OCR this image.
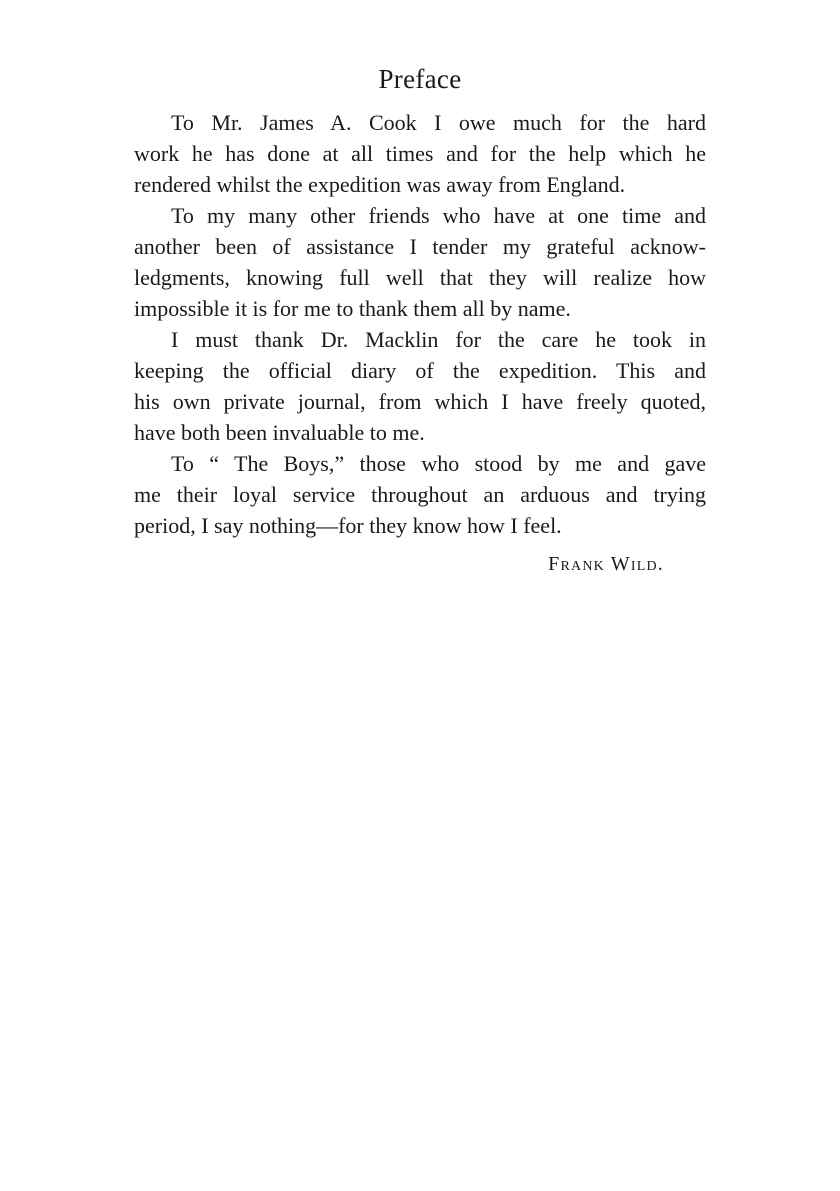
Preface

To Mr. James A. Cook I owe much for the hard
work he has done at all times and for the help which he
rendered whilst the expedition was away from England.

To my many other friends who have at one time and
another been of assistance I tender my grateful acknow-
ledgments, knowing full well that they will realize how
impossible it is for me to thank them all by name.

I must thank Dr. Macklin for the care he took in
keeping the official diary of the expedition. This and
his own private journal, from which I have freely quoted,
have both been invaluable to me.

To “ The Boys,” those who stood by me and gave
me their loyal service throughout an arduous and trying
period, I say nothing—for they know how I feel.

Frank Wild.
